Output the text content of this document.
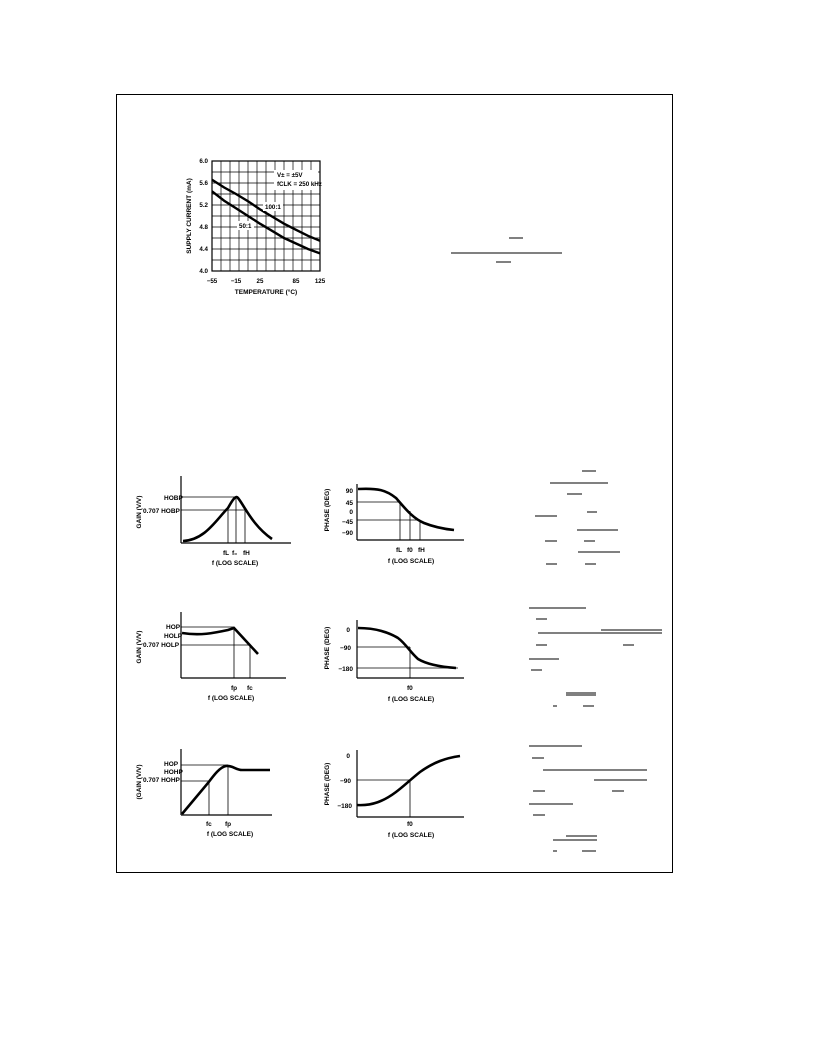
6.0
5.6
5.2
4.8
4.4
4.0
−55 −15 25	85 125
SUPPLY CURRENT (mA)
TEMPERATURE (°C)
V± = ±5V
fCLK = 250 kHz
100:1
50:1
GAIN (V/V)	HOBP
0.707 HOBP
fL f₀ fH
f (LOG SCALE)
PHASE (DEG) 90
45
0
−45
−90
fL f0 fH
f (LOG SCALE)
GAIN (V/V)
HOP
HOLP
0.707 HOLP
fp fc
f (LOG SCALE)
PHASE (DEG) 0
−90
−180
f0
f (LOG SCALE)
(GAIN (V/V)	HOP
HOHP
0.707 HOHP
fc fp
f (LOG SCALE)
PHASE (DEG)
0
−90
−180
f0
f (LOG SCALE)
